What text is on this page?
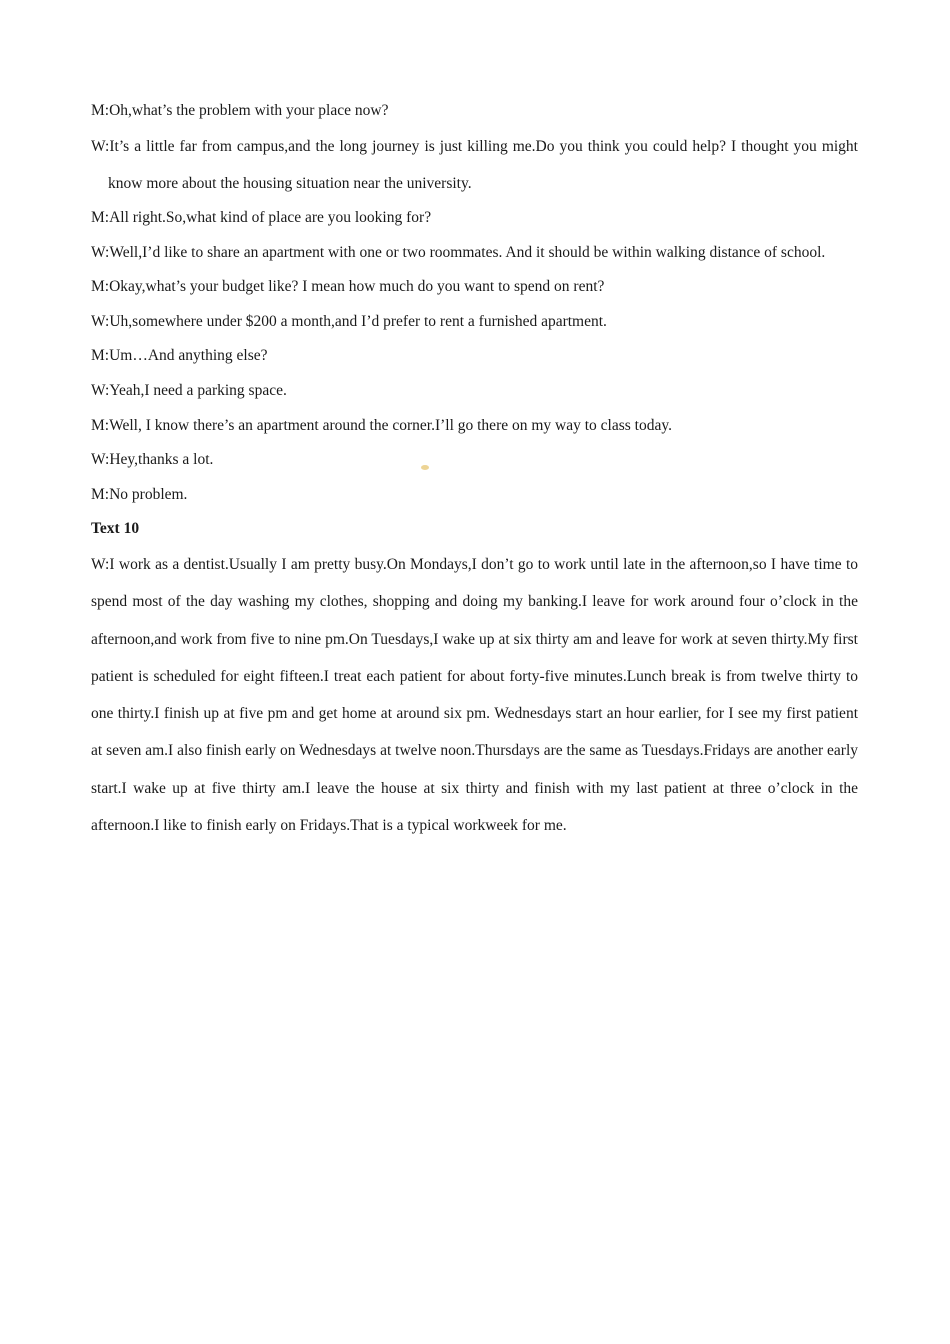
M:Oh,what’s the problem with your place now?

W:It’s a little far from campus,and the long journey is just killing me.Do you think you could help? I thought you might know more about the housing situation near the university.

M:All right.So,what kind of place are you looking for?

W:Well,I’d like to share an apartment with one or two roommates. And it should be within walking distance of school.

M:Okay,what’s your budget like? I mean how much do you want to spend on rent?

W:Uh,somewhere under $200 a month,and I’d prefer to rent a furnished apartment.

M:Um…And anything else?

W:Yeah,I need a parking space.

M:Well, I know there’s an apartment around the corner.I’ll go there on my way to class today.

W:Hey,thanks a lot.

M:No problem.

Text 10

W:I work as a dentist.Usually I am pretty busy.On Mondays,I don’t go to work until late in the afternoon,so I have time to spend most of the day washing my clothes, shopping and doing my banking.I leave for work around four o’clock in the afternoon,and work from five to nine pm.On Tuesdays,I wake up at six thirty am and leave for work at seven thirty.My first patient is scheduled for eight fifteen.I treat each patient for about forty-five minutes.Lunch break is from twelve thirty to one thirty.I finish up at five pm and get home at around six pm. Wednesdays start an hour earlier, for I see my first patient at seven am.I also finish early on Wednesdays at twelve noon.Thursdays are the same as Tuesdays.Fridays are another early start.I wake up at five thirty am.I leave the house at six thirty and finish with my last patient at three o’clock in the afternoon.I like to finish early on Fridays.That is a typical workweek for me.
